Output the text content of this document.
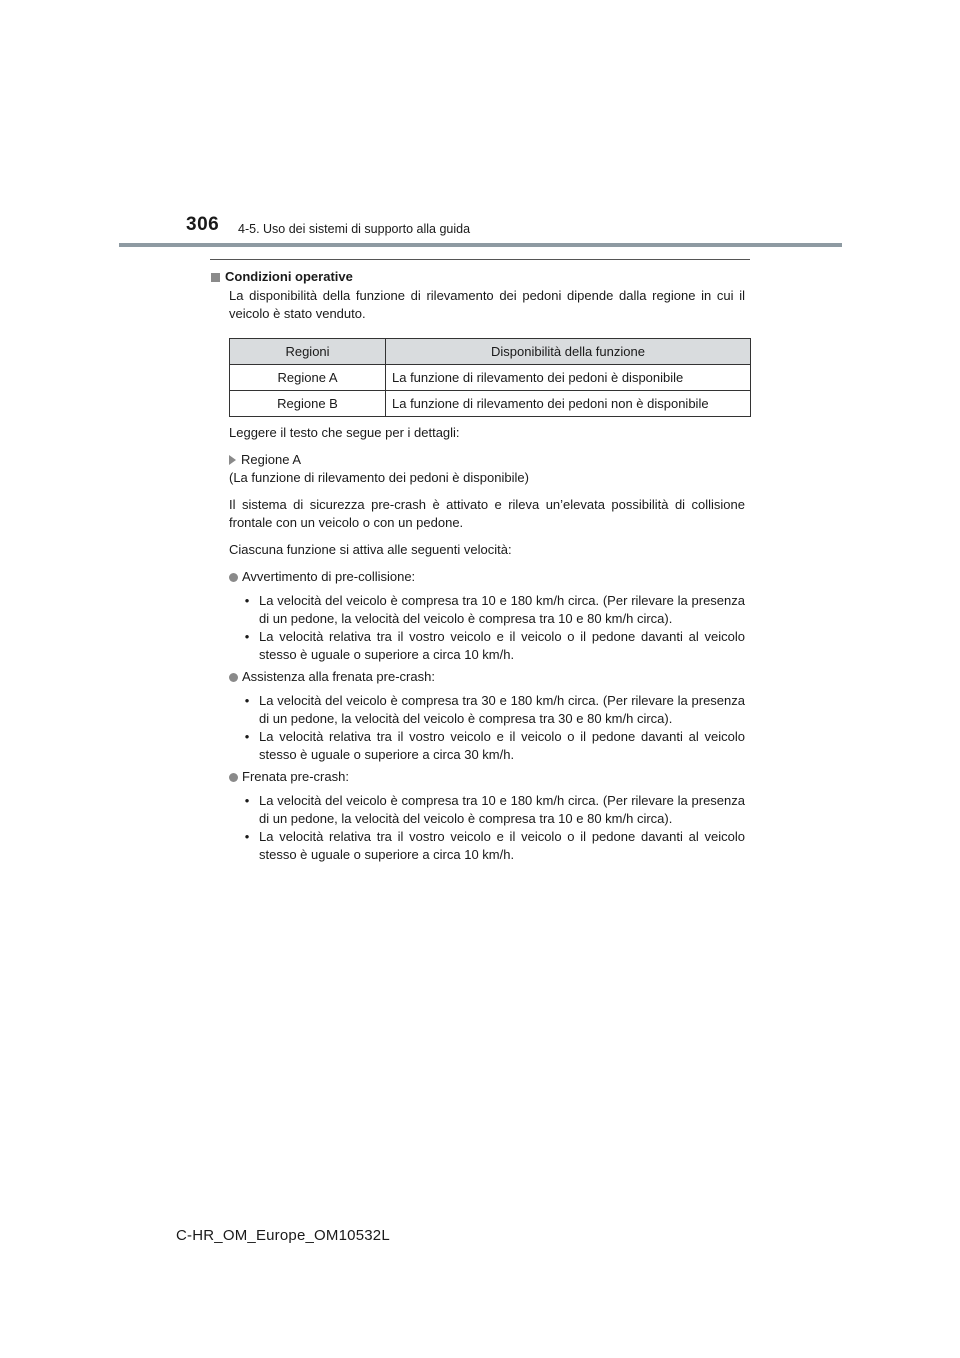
306 4-5. Uso dei sistemi di supporto alla guida
Condizioni operative

La disponibilità della funzione di rilevamento dei pedoni dipende dalla regione in cui il veicolo è stato venduto.

Regioni	Disponibilità della funzione
Regione A	La funzione di rilevamento dei pedoni è disponibile
Regione B	La funzione di rilevamento dei pedoni non è disponibile

Leggere il testo che segue per i dettagli:

Regione A
(La funzione di rilevamento dei pedoni è disponibile)

Il sistema di sicurezza pre-crash è attivato e rileva un’elevata possibilità di collisione frontale con un veicolo o con un pedone.

Ciascuna funzione si attiva alle seguenti velocità:

Avvertimento di pre-collisione:
• La velocità del veicolo è compresa tra 10 e 180 km/h circa. (Per rilevare la presenza di un pedone, la velocità del veicolo è compresa tra 10 e 80 km/h circa).
• La velocità relativa tra il vostro veicolo e il veicolo o il pedone davanti al veicolo stesso è uguale o superiore a circa 10 km/h.
Assistenza alla frenata pre-crash:
• La velocità del veicolo è compresa tra 30 e 180 km/h circa. (Per rilevare la presenza di un pedone, la velocità del veicolo è compresa tra 30 e 80 km/h circa).
• La velocità relativa tra il vostro veicolo e il veicolo o il pedone davanti al veicolo stesso è uguale o superiore a circa 30 km/h.
Frenata pre-crash:
• La velocità del veicolo è compresa tra 10 e 180 km/h circa. (Per rilevare la presenza di un pedone, la velocità del veicolo è compresa tra 10 e 80 km/h circa).
• La velocità relativa tra il vostro veicolo e il veicolo o il pedone davanti al veicolo stesso è uguale o superiore a circa 10 km/h.
C-HR_OM_Europe_OM10532L
